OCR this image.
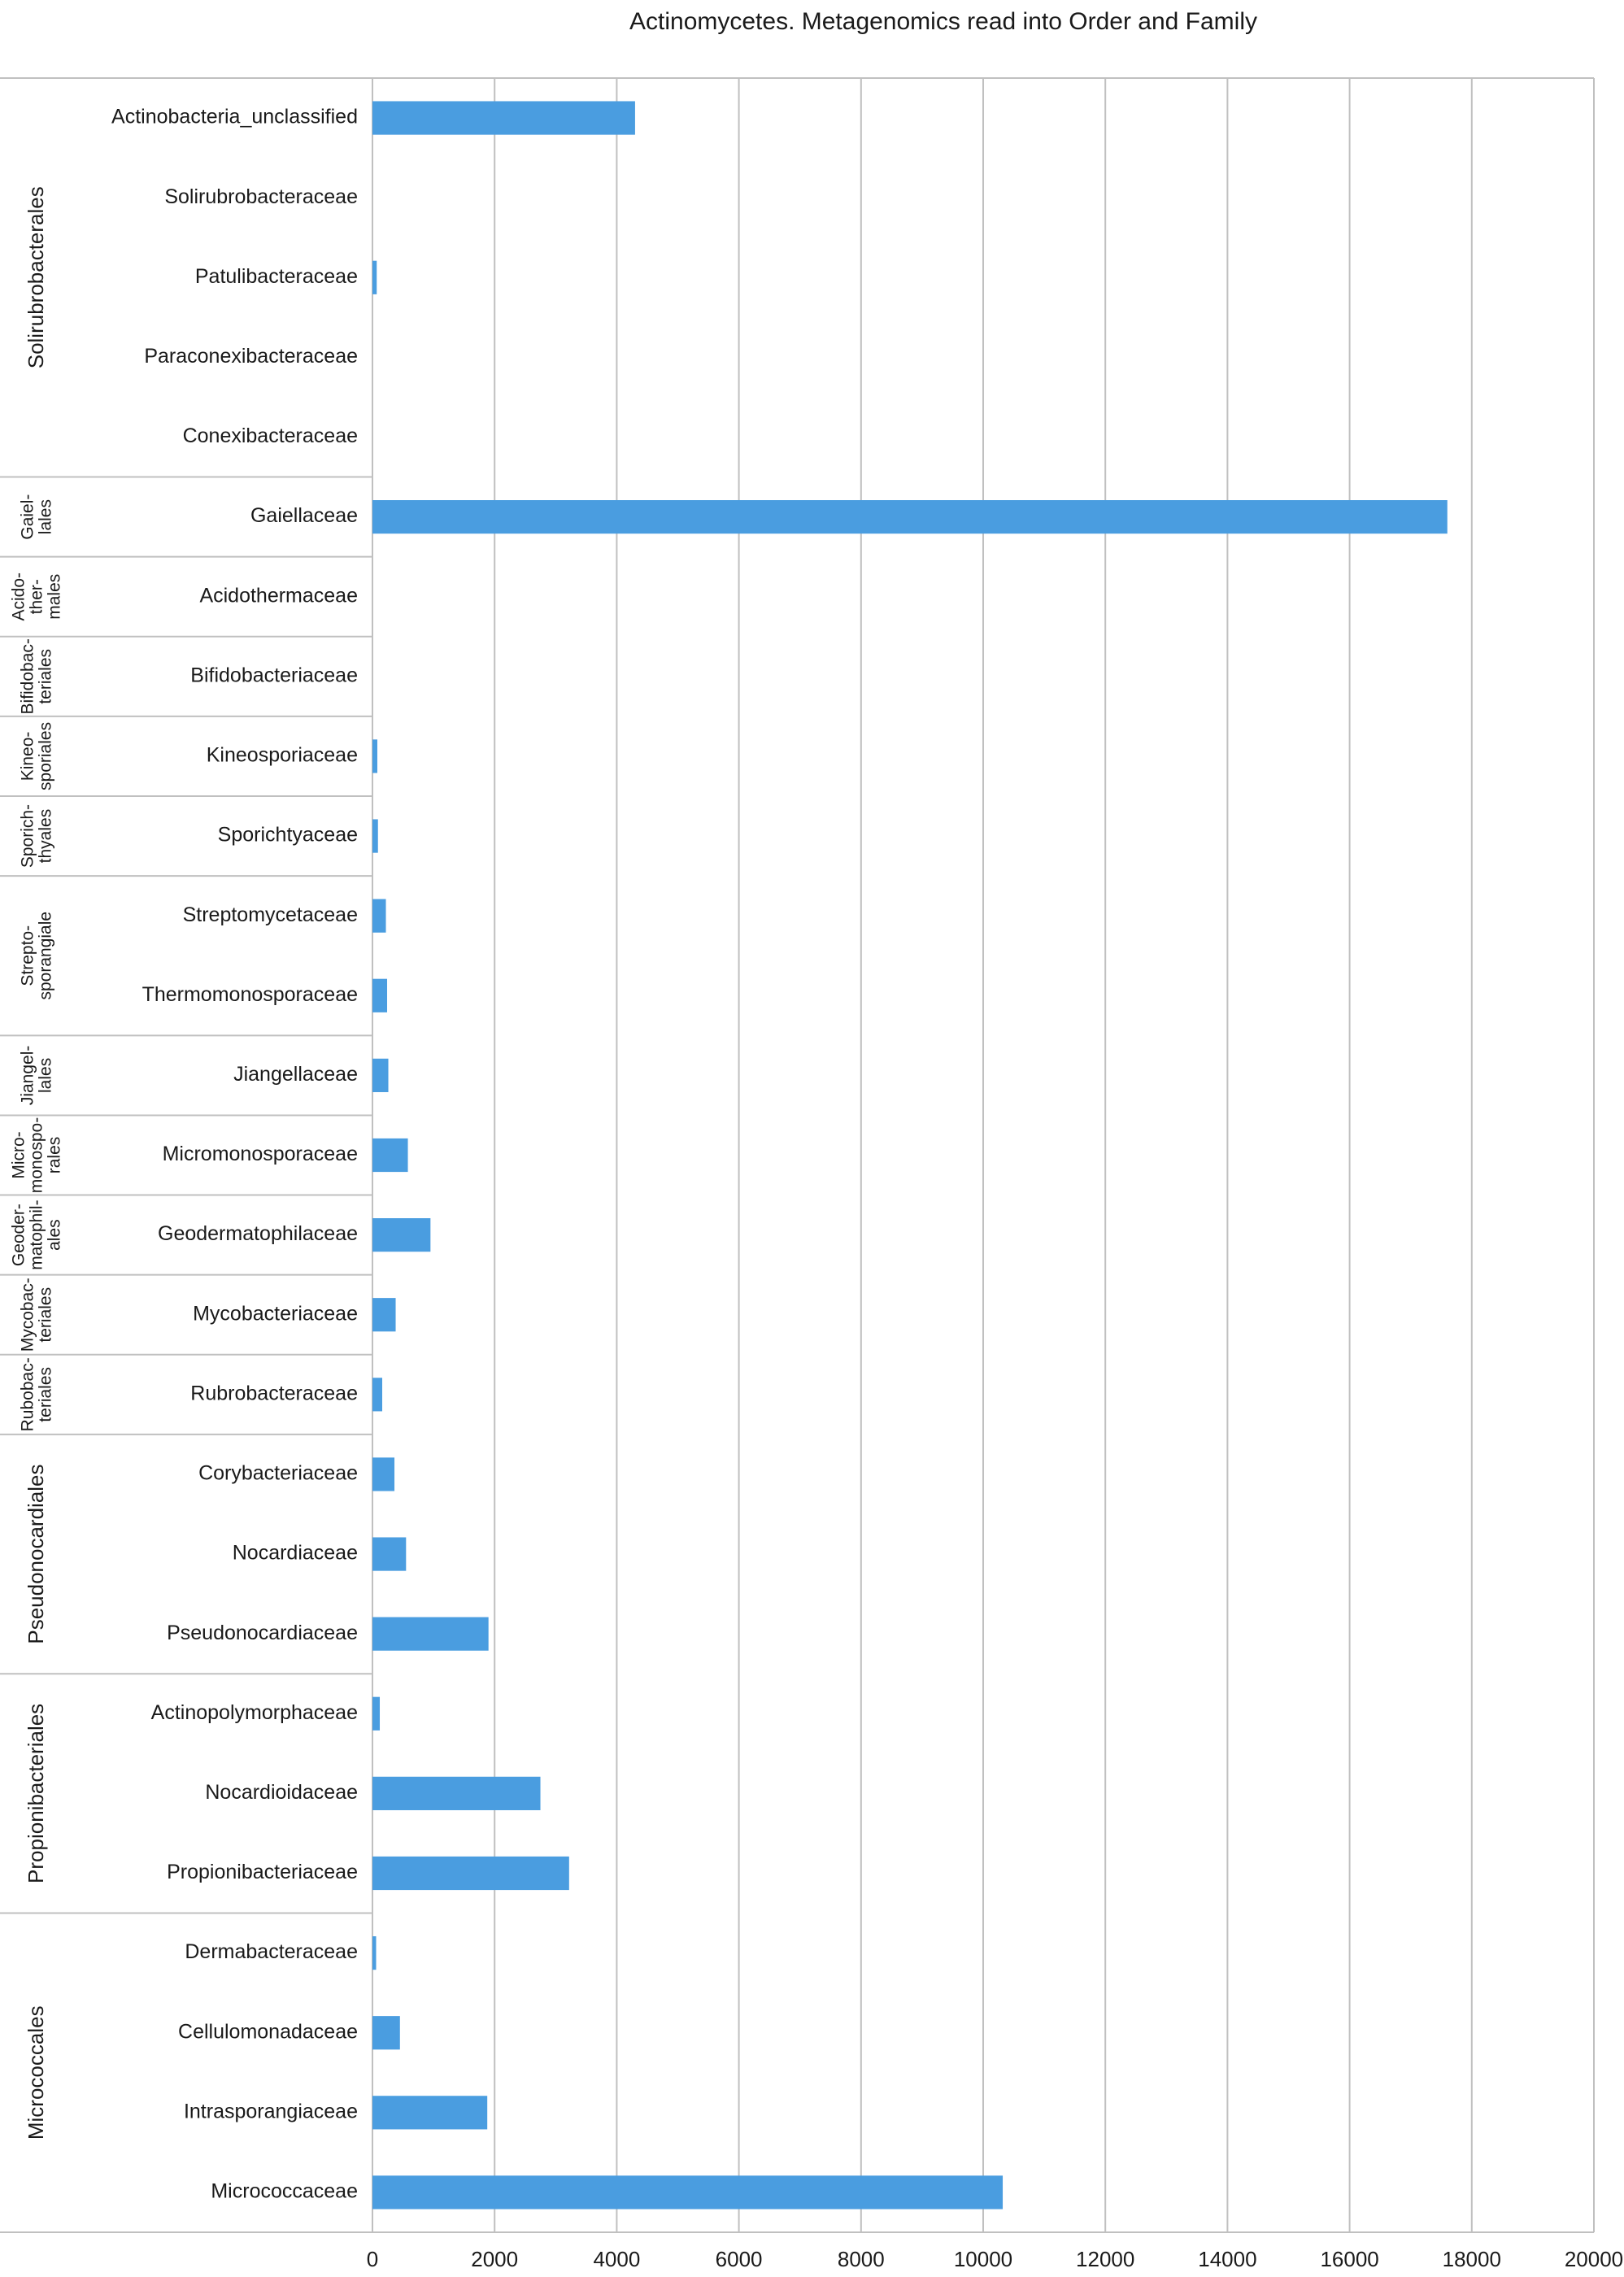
Actinomycetes. Metagenomics read into Order and Family
Actinobacteria_unclassified
Solirubrobacteraceae
Patulibacteraceae
Paraconexibacteraceae
Conexibacteraceae
Gaiellaceae
Acidothermaceae
Bifidobacteriaceae
Kineosporiaceae
Sporichtyaceae
Streptomycetaceae
Thermomonosporaceae
Jiangellaceae
Micromonosporaceae
Geodermatophilaceae
Mycobacteriaceae
Rubrobacteraceae
Corybacteriaceae
Nocardiaceae
Pseudonocardiaceae
Actinopolymorphaceae
Nocardioidaceae
Propionibacteriaceae
Dermabacteraceae
Cellulomonadaceae
Intrasporangiaceae
Micrococcaceae
Solirubrobacterales
Gaiel-lales
Acido-ther-males
Bifidobac-teriales
Kineo-sporiales
Sporich-thyales
Strepto-sporangiale
Jiangel-lales
Micro-monospo-rales
Geoder-matophil-ales
Mycobac-teriales
Rubobac-teriales
Pseudonocardiales
Propionibacteriales
Micrococcales
0	2000	4000	6000	8000	10000	12000	14000	16000	18000	20000
